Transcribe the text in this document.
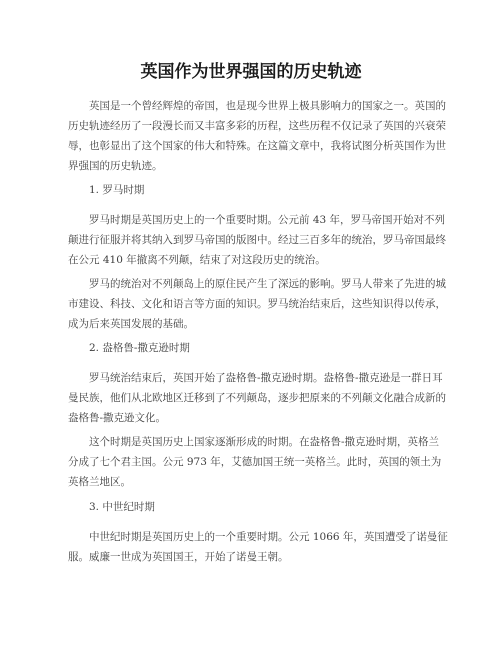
英国作为世界强国的历史轨迹

英国是一个曾经辉煌的帝国，也是现今世界上极具影响力的国家之一。英国的
历史轨迹经历了一段漫长而又丰富多彩的历程，这些历程不仅记录了英国的兴衰荣
辱，也彰显出了这个国家的伟大和特殊。在这篇文章中，我将试图分析英国作为世
界强国的历史轨迹。

1. 罗马时期

罗马时期是英国历史上的一个重要时期。公元前 43 年，罗马帝国开始对不列
颠进行征服并将其纳入到罗马帝国的版图中。经过三百多年的统治，罗马帝国最终
在公元 410 年撤离不列颠，结束了对这段历史的统治。

罗马的统治对不列颠岛上的原住民产生了深远的影响。罗马人带来了先进的城
市建设、科技、文化和语言等方面的知识。罗马统治结束后，这些知识得以传承，
成为后来英国发展的基础。

2. 盎格鲁-撒克逊时期

罗马统治结束后，英国开始了盎格鲁-撒克逊时期。盎格鲁-撒克逊是一群日耳
曼民族，他们从北欧地区迁移到了不列颠岛，逐步把原来的不列颠文化融合成新的
盎格鲁-撒克逊文化。

这个时期是英国历史上国家逐渐形成的时期。在盎格鲁-撒克逊时期，英格兰
分成了七个君主国。公元 973 年，艾德加国王统一英格兰。此时，英国的领土为
英格兰地区。

3. 中世纪时期

中世纪时期是英国历史上的一个重要时期。公元 1066 年，英国遭受了诺曼征
服。威廉一世成为英国国王，开始了诺曼王朝。
